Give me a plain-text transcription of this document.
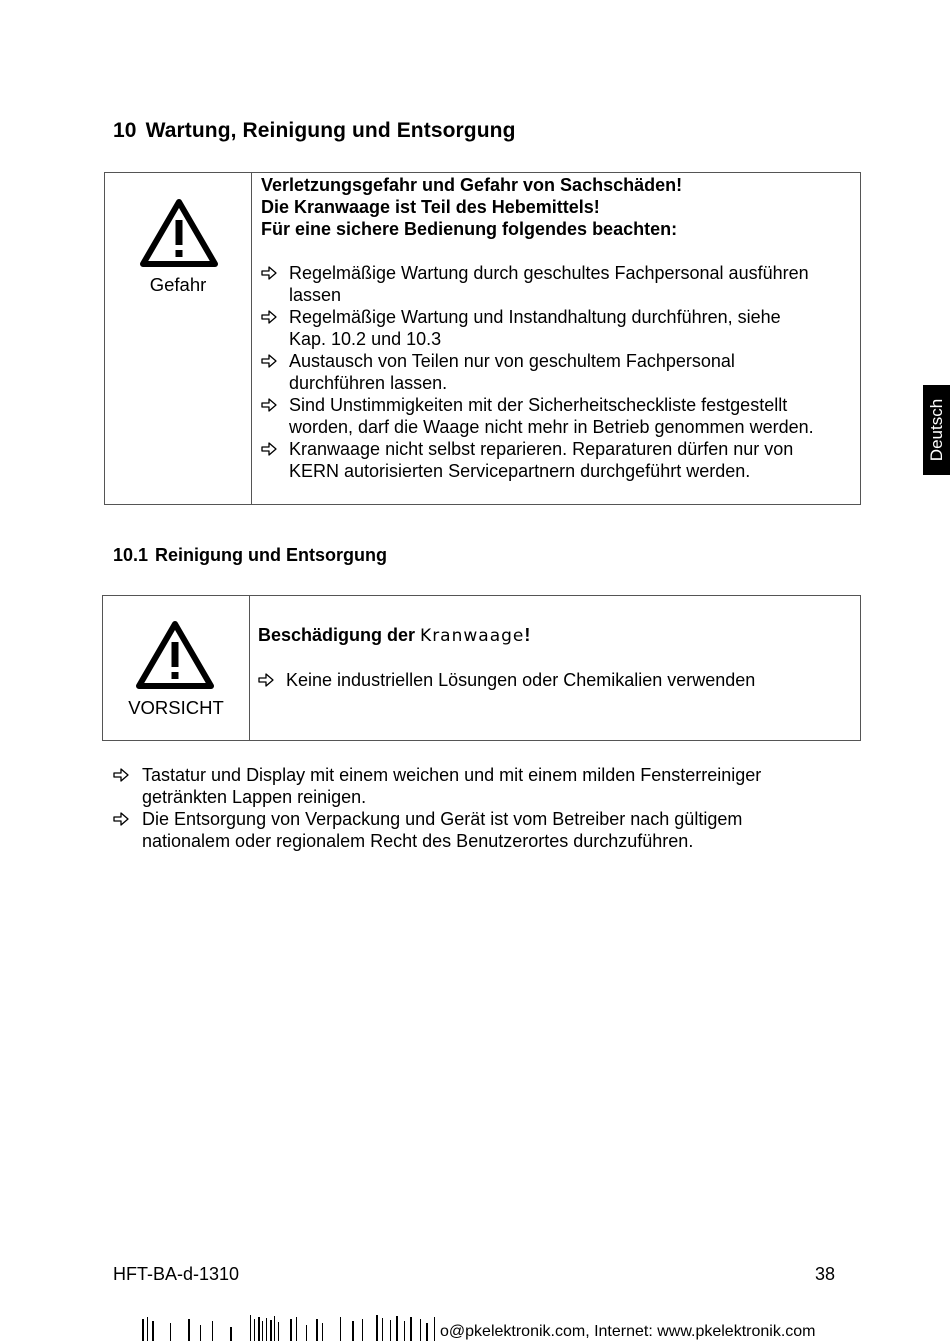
10 Wartung, Reinigung und Entsorgung
Gefahr
Verletzungsgefahr und Gefahr von Sachschäden!
Die Kranwaage ist Teil des Hebemittels!
Für eine sichere Bedienung folgendes beachten:
Regelmäßige Wartung durch geschultes Fachpersonal ausführen
lassen
Regelmäßige Wartung und Instandhaltung durchführen, siehe
Kap. 10.2 und 10.3
Austausch von Teilen nur von geschultem Fachpersonal
durchführen lassen.
Sind Unstimmigkeiten mit der Sicherheitscheckliste festgestellt
worden, darf die Waage nicht mehr in Betrieb genommen werden.
Kranwaage nicht selbst reparieren. Reparaturen dürfen nur von
KERN autorisierten Servicepartnern durchgeführt werden.
Deutsch
10.1 Reinigung und Entsorgung
VORSICHT
Beschädigung der Kranwaage!
Keine industriellen Lösungen oder Chemikalien verwenden
Tastatur und Display mit einem weichen und mit einem milden Fensterreiniger
getränkten Lappen reinigen.
Die Entsorgung von Verpackung und Gerät ist vom Betreiber nach gültigem
nationalem oder regionalem Recht des Benutzerortes durchzuführen.
HFT-BA-d-1310	38
o@pkelektronik.com, Internet: www.pkelektronik.com
